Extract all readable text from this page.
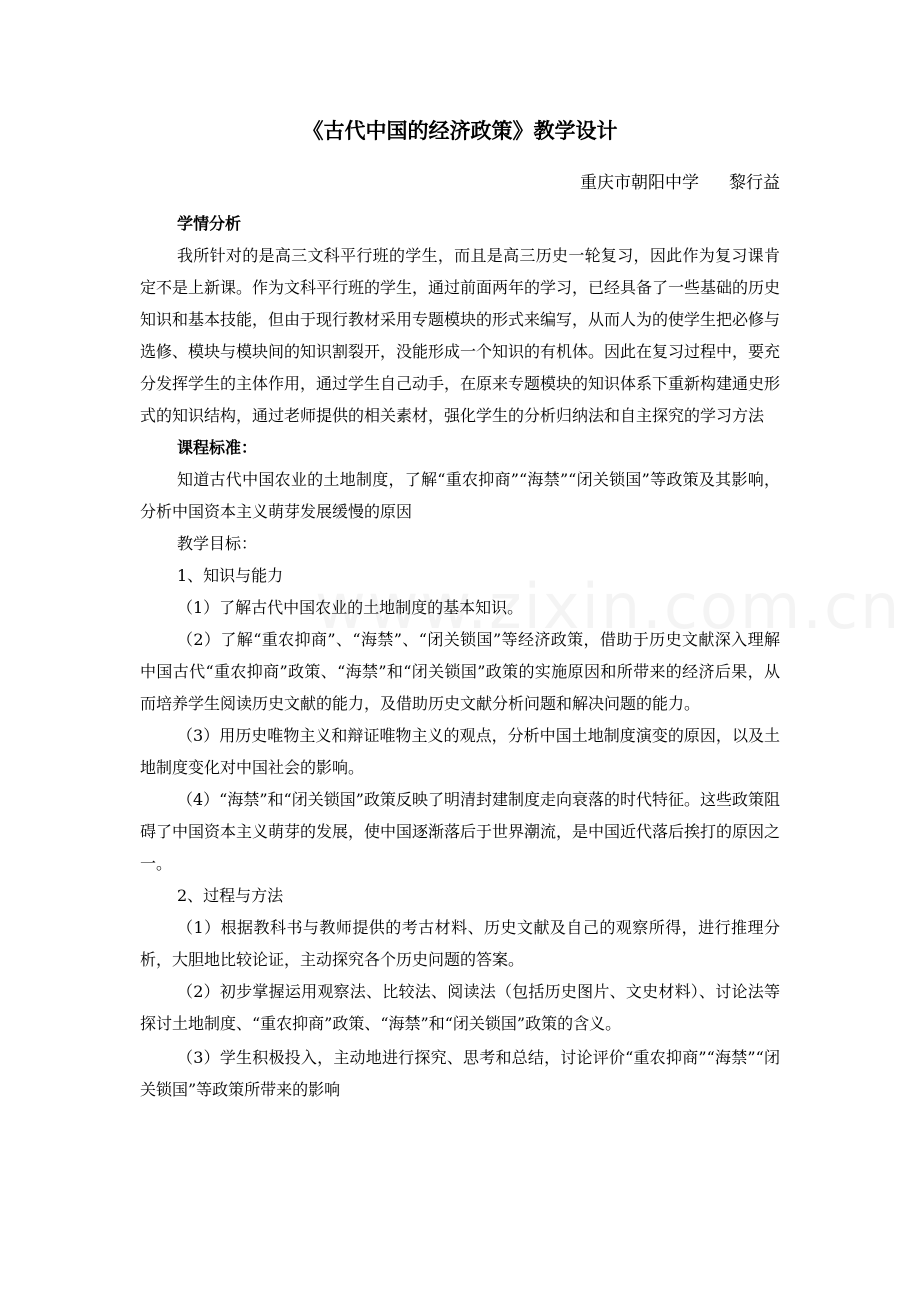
《古代中国的经济政策》教学设计
重庆市朝阳中学 黎行益
学情分析

我所针对的是高三文科平行班的学生，而且是高三历史一轮复习，因此作为复习课肯定不是上新课。作为文科平行班的学生，通过前面两年的学习，已经具备了一些基础的历史知识和基本技能，但由于现行教材采用专题模块的形式来编写，从而人为的使学生把必修与选修、模块与模块间的知识割裂开，没能形成一个知识的有机体。因此在复习过程中，要充分发挥学生的主体作用，通过学生自己动手，在原来专题模块的知识体系下重新构建通史形式的知识结构，通过老师提供的相关素材，强化学生的分析归纳法和自主探究的学习方法

课程标准：

知道古代中国农业的土地制度，了解“重农抑商”“海禁”“闭关锁国”等政策及其影响，分析中国资本主义萌芽发展缓慢的原因

教学目标：

1、知识与能力

（1）了解古代中国农业的土地制度的基本知识。

（2）了解“重农抑商”、“海禁”、“闭关锁国”等经济政策，借助于历史文献深入理解中国古代“重农抑商”政策、“海禁”和“闭关锁国”政策的实施原因和所带来的经济后果，从而培养学生阅读历史文献的能力，及借助历史文献分析问题和解决问题的能力。

（3）用历史唯物主义和辩证唯物主义的观点，分析中国土地制度演变的原因，以及土地制度变化对中国社会的影响。

（4）“海禁”和“闭关锁国”政策反映了明清封建制度走向衰落的时代特征。这些政策阻碍了中国资本主义萌芽的发展，使中国逐渐落后于世界潮流，是中国近代落后挨打的原因之一。

2、过程与方法

（1）根据教科书与教师提供的考古材料、历史文献及自己的观察所得，进行推理分析，大胆地比较论证，主动探究各个历史问题的答案。

（2）初步掌握运用观察法、比较法、阅读法（包括历史图片、文史材料）、讨论法等探讨土地制度、“重农抑商”政策、“海禁”和“闭关锁国”政策的含义。

（3）学生积极投入，主动地进行探究、思考和总结，讨论评价“重农抑商”“海禁”“闭关锁国”等政策所带来的影响
